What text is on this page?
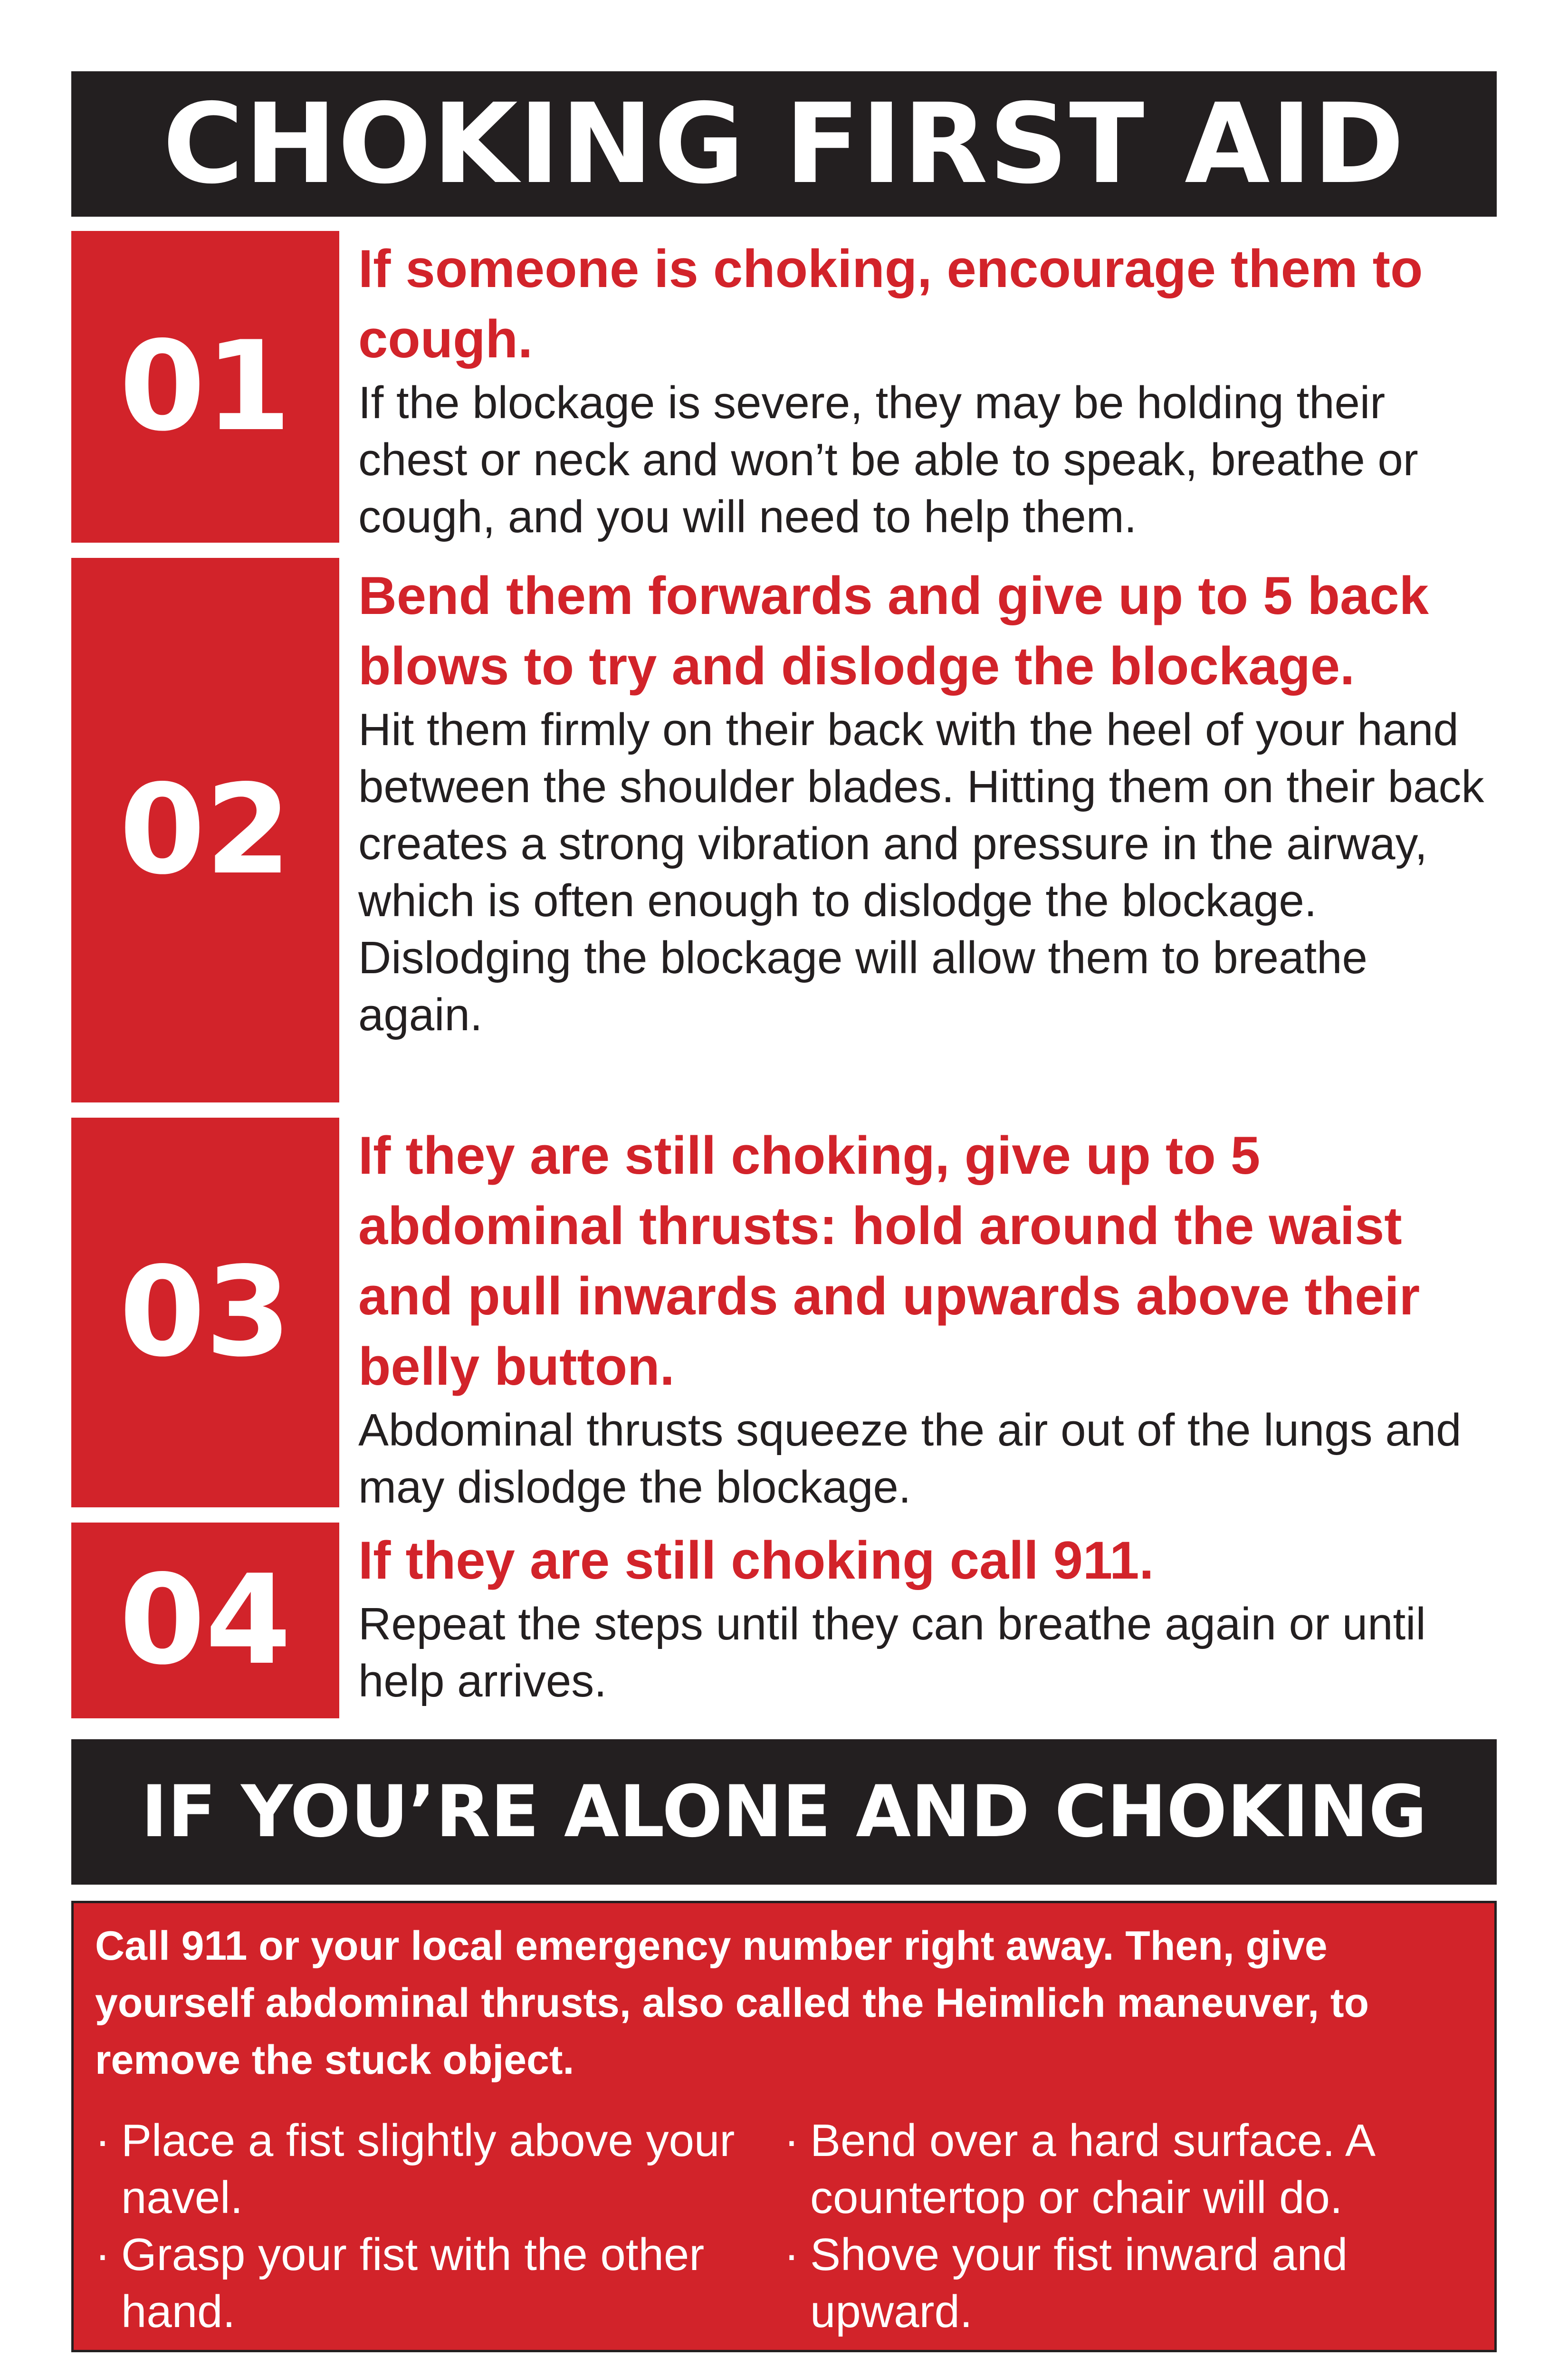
CHOKING FIRST AID
01

If someone is choking, encourage them to cough.

If the blockage is severe, they may be holding their chest or neck and won’t be able to speak, breathe or cough, and you will need to help them.

02

Bend them forwards and give up to 5 back blows to try and dislodge the blockage.

Hit them firmly on their back with the heel of your hand between the shoulder blades. Hitting them on their back creates a strong vibration and pressure in the airway, which is often enough to dislodge the blockage. Dislodging the blockage will allow them to breathe again.

03

If they are still choking, give up to 5 abdominal thrusts: hold around the waist and pull inwards and upwards above their belly button.

Abdominal thrusts squeeze the air out of the lungs and may dislodge the blockage.

04 If they are still choking call 911.

Repeat the steps until they can breathe again or until help arrives.

IF YOU’RE ALONE AND CHOKING

Call 911 or your local emergency number right away. Then, give yourself abdominal thrusts, also called the Heimlich maneuver, to remove the stuck object.

· Place a fist slightly above your navel.
· Grasp your fist with the other hand.
· Bend over a hard surface. A countertop or chair will do.
· Shove your fist inward and upward.
